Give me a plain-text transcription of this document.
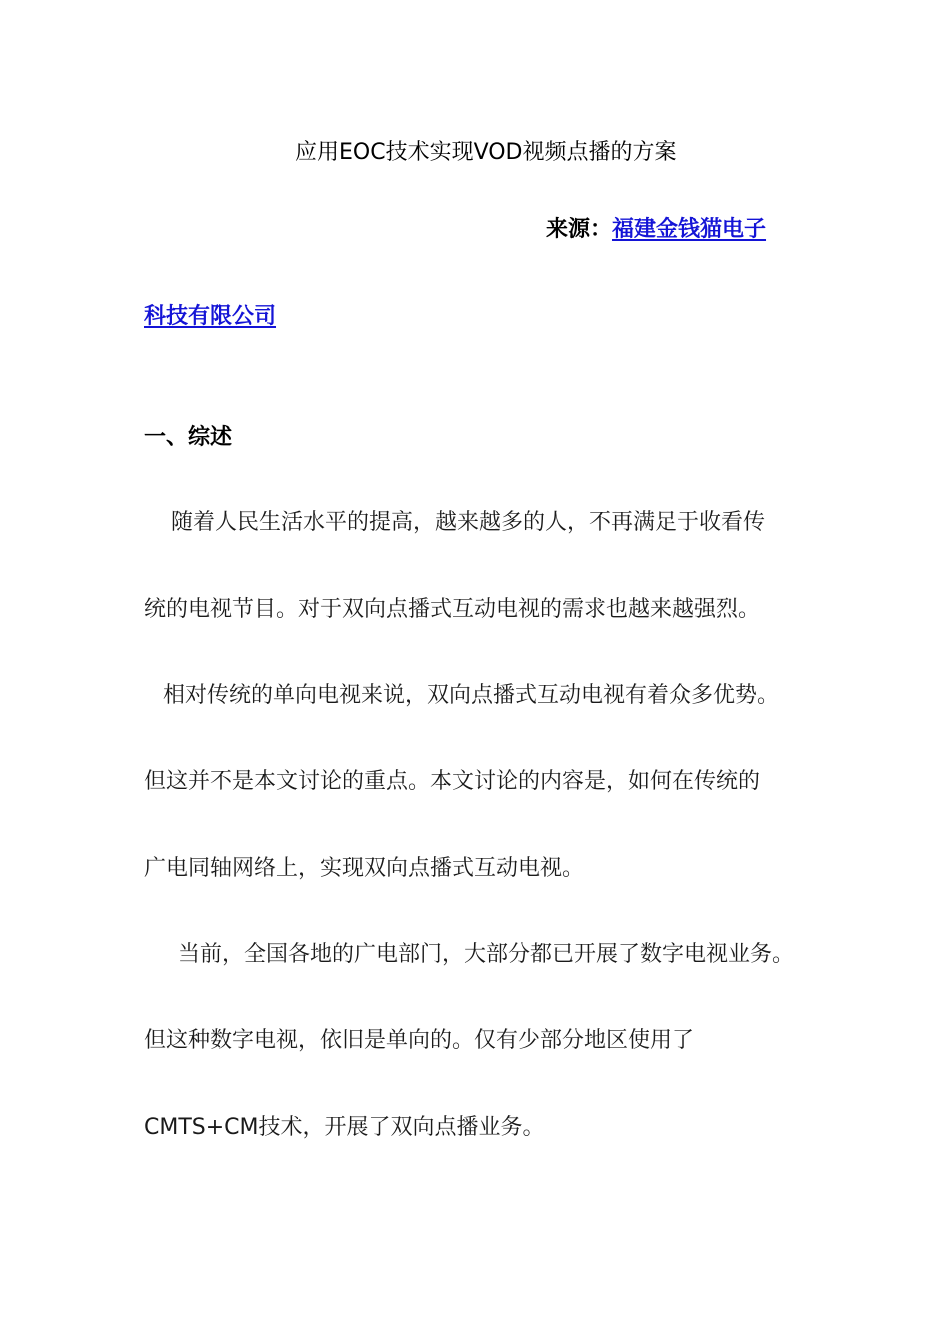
应用EOC技术实现VOD视频点播的方案
来源：福建金钱猫电子
科技有限公司
一、综述
随着人民生活水平的提高，越来越多的人，不再满足于收看传
统的电视节目。对于双向点播式互动电视的需求也越来越强烈。
相对传统的单向电视来说，双向点播式互动电视有着众多优势。
但这并不是本文讨论的重点。本文讨论的内容是，如何在传统的
广电同轴网络上，实现双向点播式互动电视。
当前，全国各地的广电部门，大部分都已开展了数字电视业务。
但这种数字电视，依旧是单向的。仅有少部分地区使用了
CMTS+CM技术，开展了双向点播业务。
